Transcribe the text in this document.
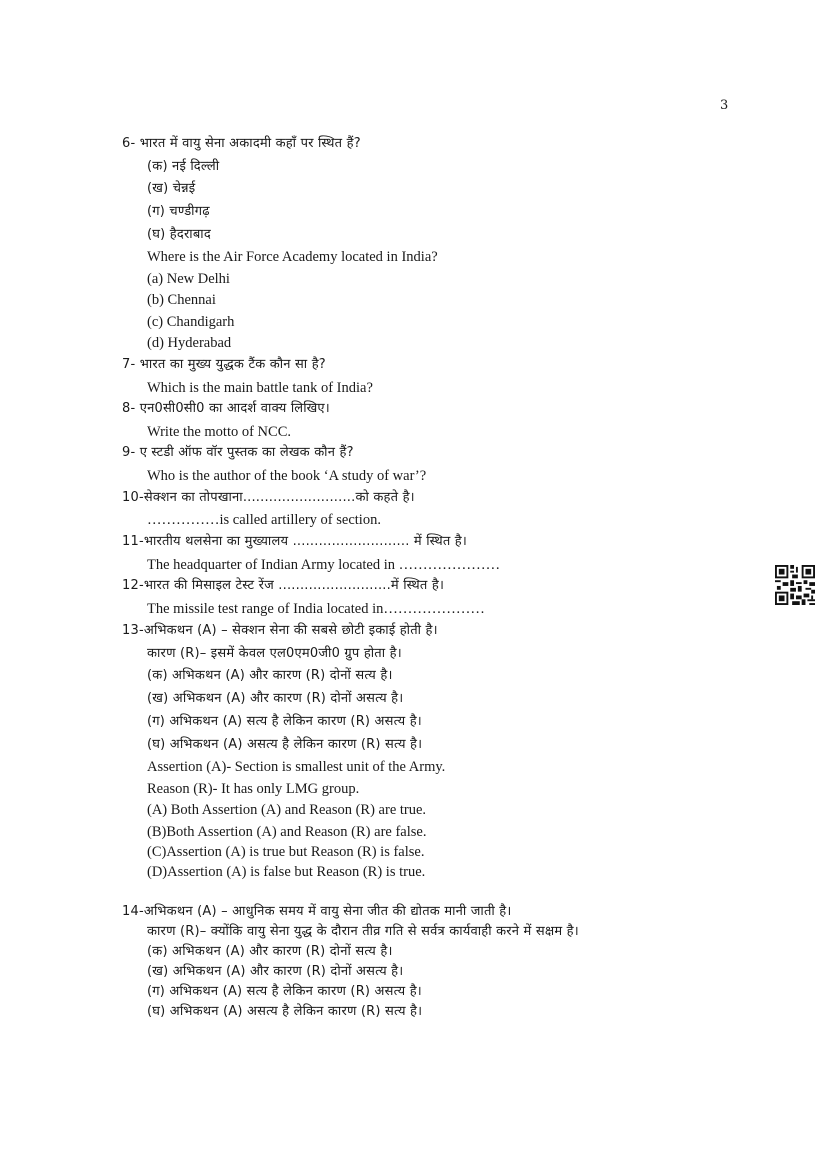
3
6- भारत में वायु सेना अकादमी कहाँ पर स्थित हैं?
(क) नई दिल्ली
(ख) चेन्नई
(ग) चण्डीगढ़
(घ) हैदराबाद
Where is the Air Force Academy located in India?
(a) New Delhi
(b) Chennai
(c) Chandigarh
(d) Hyderabad
7- भारत का मुख्य युद्धक टैंक कौन सा है?
Which is the main battle tank of India?
8- एन0सी0सी0 का आदर्श वाक्य लिखिए।
Write the motto of NCC.
9- ए स्टडी ऑफ वॉर पुस्तक का लेखक कौन हैं?
Who is the author of the book ‘A study of war’?
10-सेक्शन का तोपखाना..........................को कहते है।
……………is called artillery of section.
11-भारतीय थलसेना का मुख्यालय ........................... में स्थित है।
The headquarter of Indian Army located in …………………
12-भारत की मिसाइल टेस्ट रेंज ..........................में स्थित है।
The missile test range of India located in…………………
13-अभिकथन (A) – सेक्शन सेना की सबसे छोटी इकाई होती है।
कारण (R)– इसमें केवल एल0एम0जी0 ग्रुप होता है।
(क) अभिकथन (A) और कारण (R) दोनों सत्य है।
(ख) अभिकथन (A) और कारण (R) दोनों असत्य है।
(ग) अभिकथन (A) सत्य है लेकिन कारण (R) असत्य है।
(घ) अभिकथन (A) असत्य है लेकिन कारण (R) सत्य है।
Assertion (A)- Section is smallest unit of the Army.
Reason (R)- It has only LMG group.
(A) Both Assertion (A) and Reason (R) are true.
(B)Both Assertion (A) and Reason (R) are false.
(C)Assertion (A) is true but Reason (R) is false.
(D)Assertion (A) is false but Reason (R) is true.
14-अभिकथन (A) – आधुनिक समय में वायु सेना जीत की द्योतक मानी जाती है।
कारण (R)– क्योंकि वायु सेना युद्ध के दौरान तीव्र गति से सर्वत्र कार्यवाही करने में सक्षम है।
(क) अभिकथन (A) और कारण (R) दोनों सत्य है।
(ख) अभिकथन (A) और कारण (R) दोनों असत्य है।
(ग) अभिकथन (A) सत्य है लेकिन कारण (R) असत्य है।
(घ) अभिकथन (A) असत्य है लेकिन कारण (R) सत्य है।
